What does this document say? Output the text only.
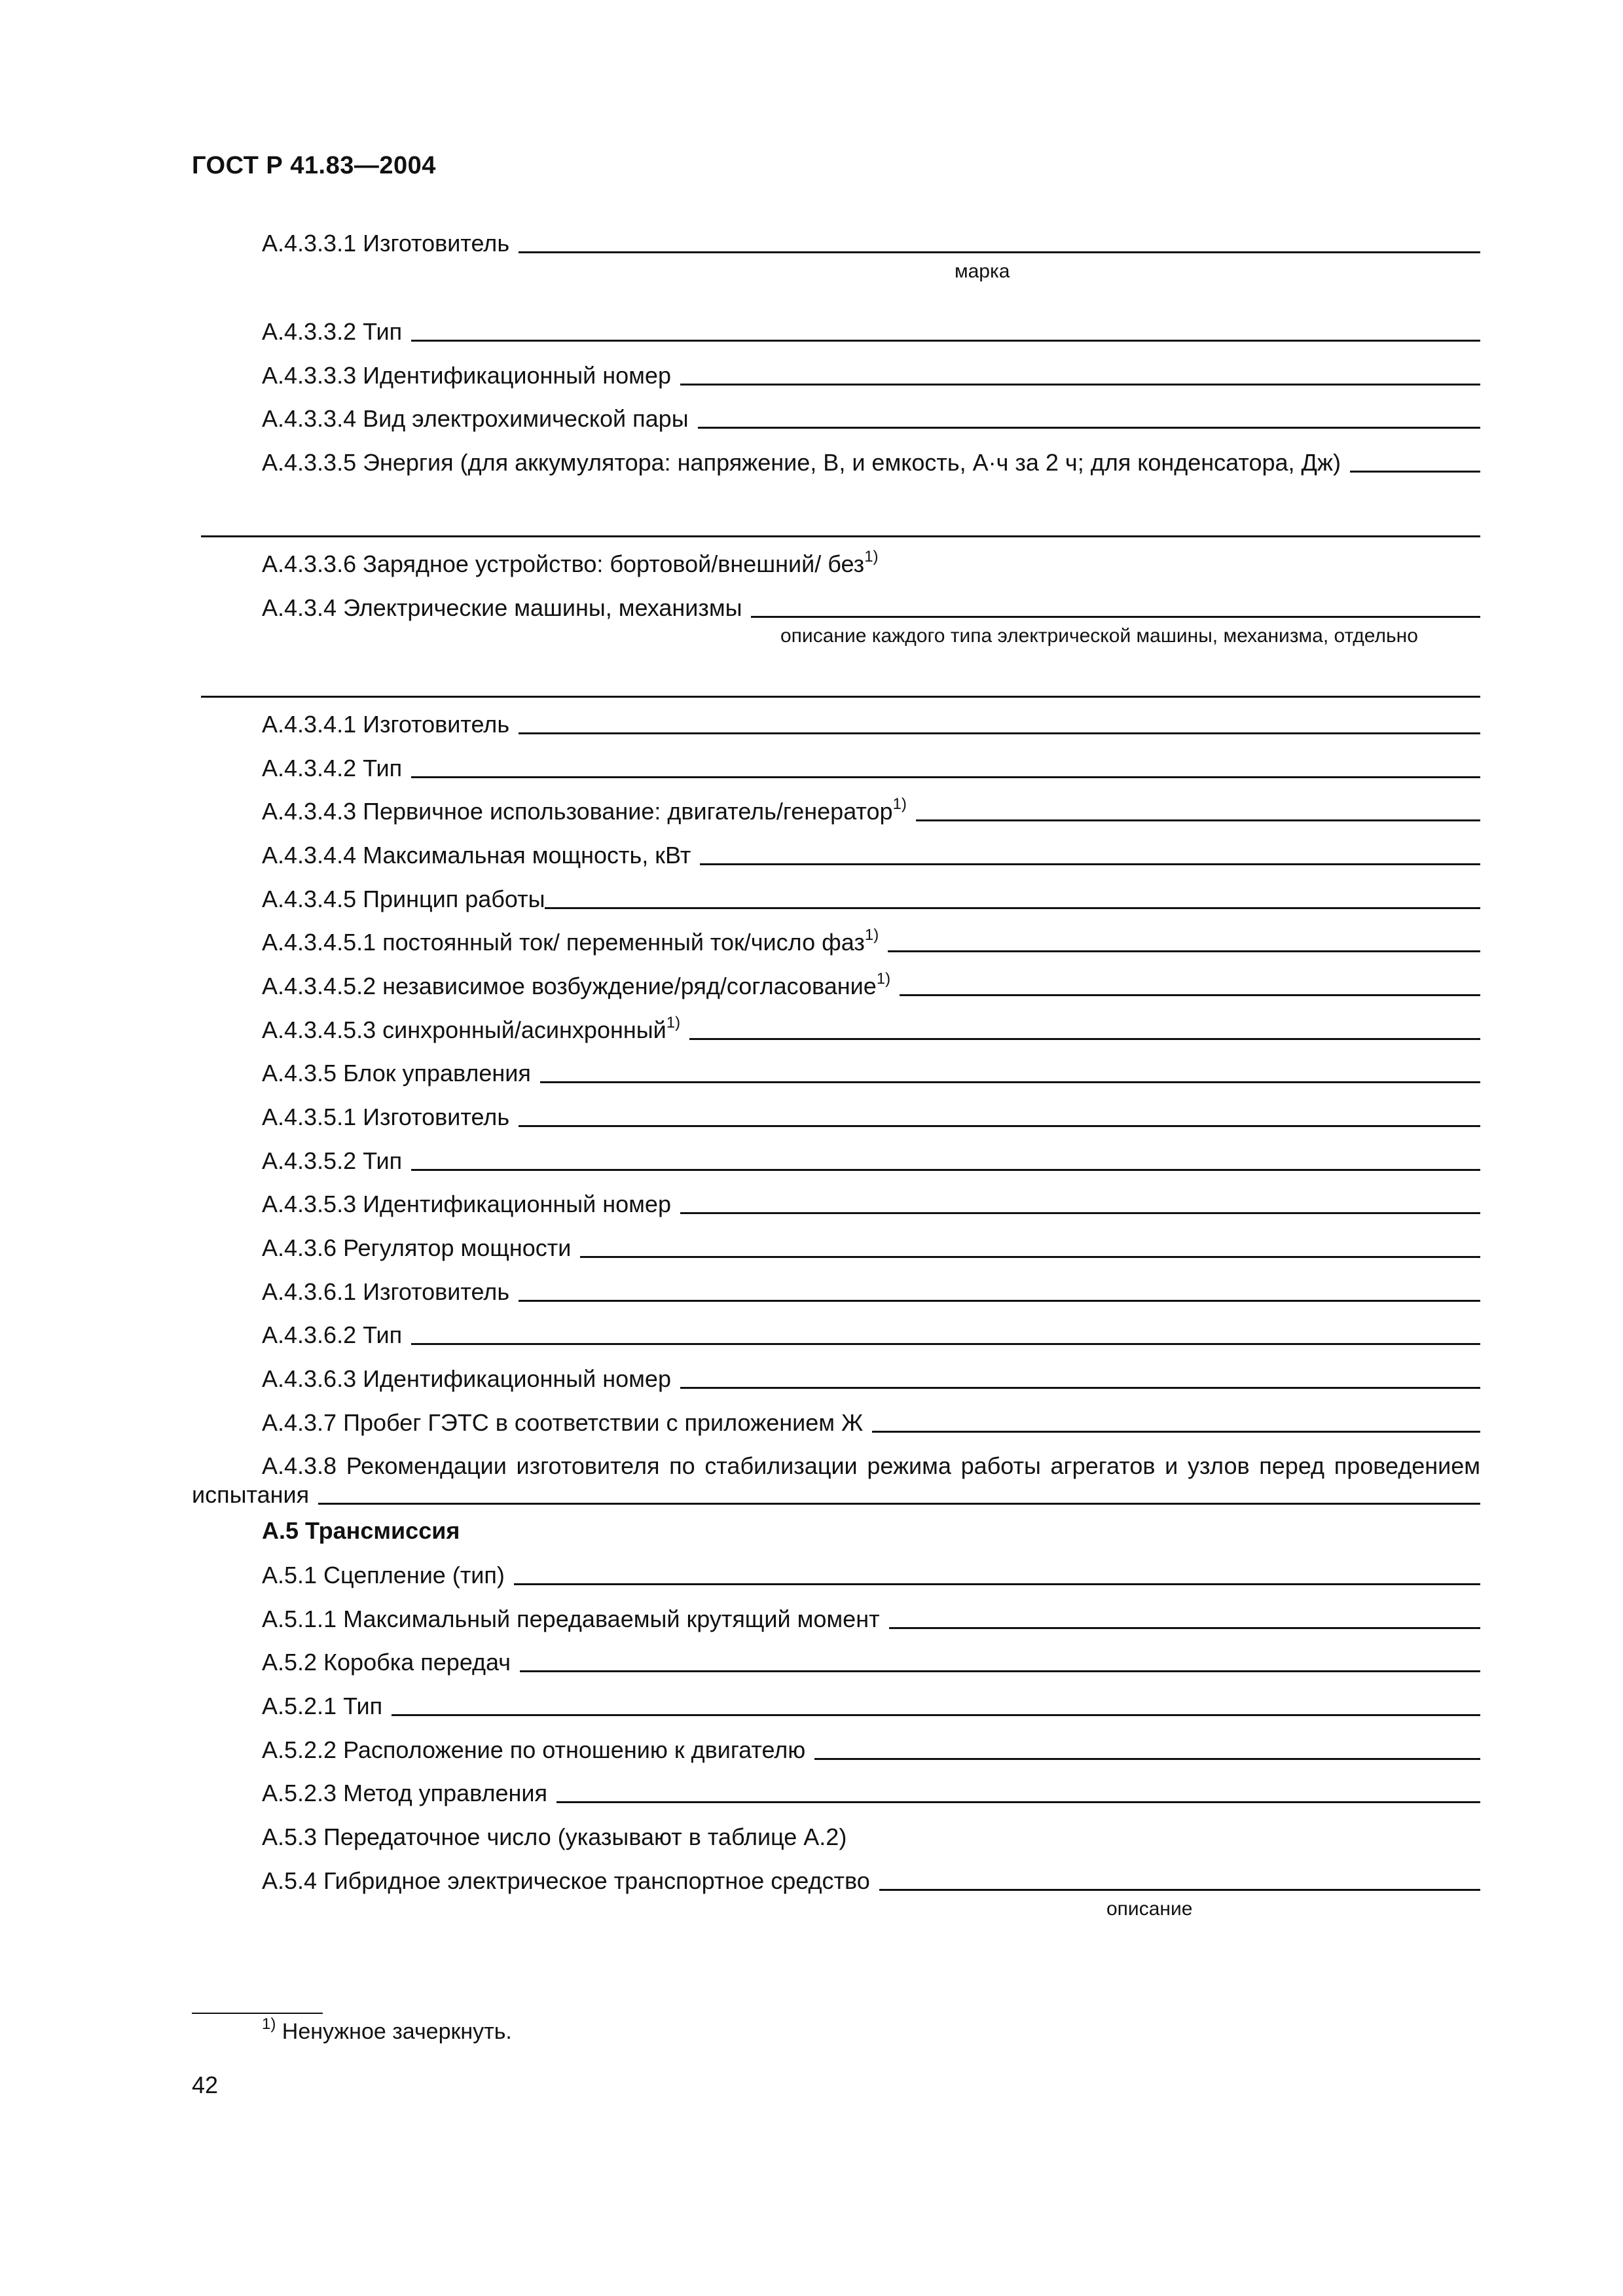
ГОСТ Р 41.83—2004
А.4.3.3.1 Изготовитель
марка
А.4.3.3.2 Тип
А.4.3.3.3 Идентификационный номер
А.4.3.3.4 Вид электрохимической пары
А.4.3.3.5 Энергия (для аккумулятора: напряжение, В, и емкость, А·ч за 2 ч; для конденсатора, Дж)
А.4.3.3.6 Зарядное устройство: бортовой/внешний/ без$^{1)}$
А.4.3.4 Электрические машины, механизмы
описание каждого типа электрической машины, механизма, отдельно
А.4.3.4.1 Изготовитель
А.4.3.4.2 Тип
А.4.3.4.3 Первичное использование: двигатель/генератор$^{1)}$
А.4.3.4.4 Максимальная мощность, кВт
А.4.3.4.5 Принцип работы
А.4.3.4.5.1 постоянный ток/ переменный ток/число фаз$^{1)}$
А.4.3.4.5.2 независимое возбуждение/ряд/согласование$^{1)}$
А.4.3.4.5.3 синхронный/асинхронный$^{1)}$
А.4.3.5 Блок управления
А.4.3.5.1 Изготовитель
А.4.3.5.2 Тип
А.4.3.5.3 Идентификационный номер
А.4.3.6 Регулятор мощности
А.4.3.6.1 Изготовитель
А.4.3.6.2 Тип
А.4.3.6.3 Идентификационный номер
А.4.3.7 Пробег ГЭТС в соответствии с приложением Ж
А.4.3.8 Рекомендации изготовителя по стабилизации режима работы агрегатов и узлов перед проведением
испытания
А.5 Трансмиссия
А.5.1 Сцепление (тип)
А.5.1.1 Максимальный передаваемый крутящий момент
А.5.2 Коробка передач
А.5.2.1 Тип
А.5.2.2 Расположение по отношению к двигателю
А.5.2.3 Метод управления
А.5.3 Передаточное число (указывают в таблице А.2)
А.5.4 Гибридное электрическое транспортное средство
описание
$^{1)}$ Ненужное зачеркнуть.
42
